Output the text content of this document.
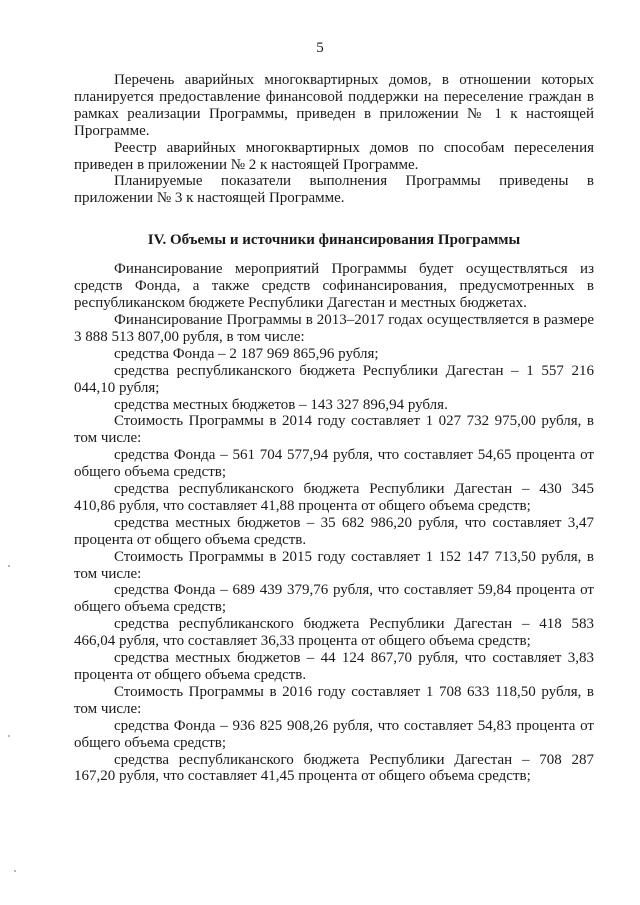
5

Перечень аварийных многоквартирных домов, в отношении которых планируется предоставление финансовой поддержки на переселение граждан в рамках реализации Программы, приведен в приложении № 1 к настоящей Программе.

Реестр аварийных многоквартирных домов по способам переселения приведен в приложении № 2 к настоящей Программе.

Планируемые показатели выполнения Программы приведены в приложении № 3 к настоящей Программе.

IV. Объемы и источники финансирования Программы

Финансирование мероприятий Программы будет осуществляться из средств Фонда, а также средств софинансирования, предусмотренных в республиканском бюджете Республики Дагестан и местных бюджетах.

Финансирование Программы в 2013–2017 годах осуществляется в размере 3 888 513 807,00 рубля, в том числе:

средства Фонда – 2 187 969 865,96 рубля;

средства республиканского бюджета Республики Дагестан – 1 557 216 044,10 рубля;

средства местных бюджетов – 143 327 896,94 рубля.

Стоимость Программы в 2014 году составляет 1 027 732 975,00 рубля, в том числе:

средства Фонда – 561 704 577,94 рубля, что составляет 54,65 процента от общего объема средств;

средства республиканского бюджета Республики Дагестан – 430 345 410,86 рубля, что составляет 41,88 процента от общего объема средств;

средства местных бюджетов – 35 682 986,20 рубля, что составляет 3,47 процента от общего объема средств.

Стоимость Программы в 2015 году составляет 1 152 147 713,50 рубля, в том числе:

средства Фонда – 689 439 379,76 рубля, что составляет 59,84 процента от общего объема средств;

средства республиканского бюджета Республики Дагестан – 418 583 466,04 рубля, что составляет 36,33 процента от общего объема средств;

средства местных бюджетов – 44 124 867,70 рубля, что составляет 3,83 процента от общего объема средств.

Стоимость Программы в 2016 году составляет 1 708 633 118,50 рубля, в том числе:

средства Фонда – 936 825 908,26 рубля, что составляет 54,83 процента от общего объема средств;

средства республиканского бюджета Республики Дагестан – 708 287 167,20 рубля, что составляет 41,45 процента от общего объема средств;
